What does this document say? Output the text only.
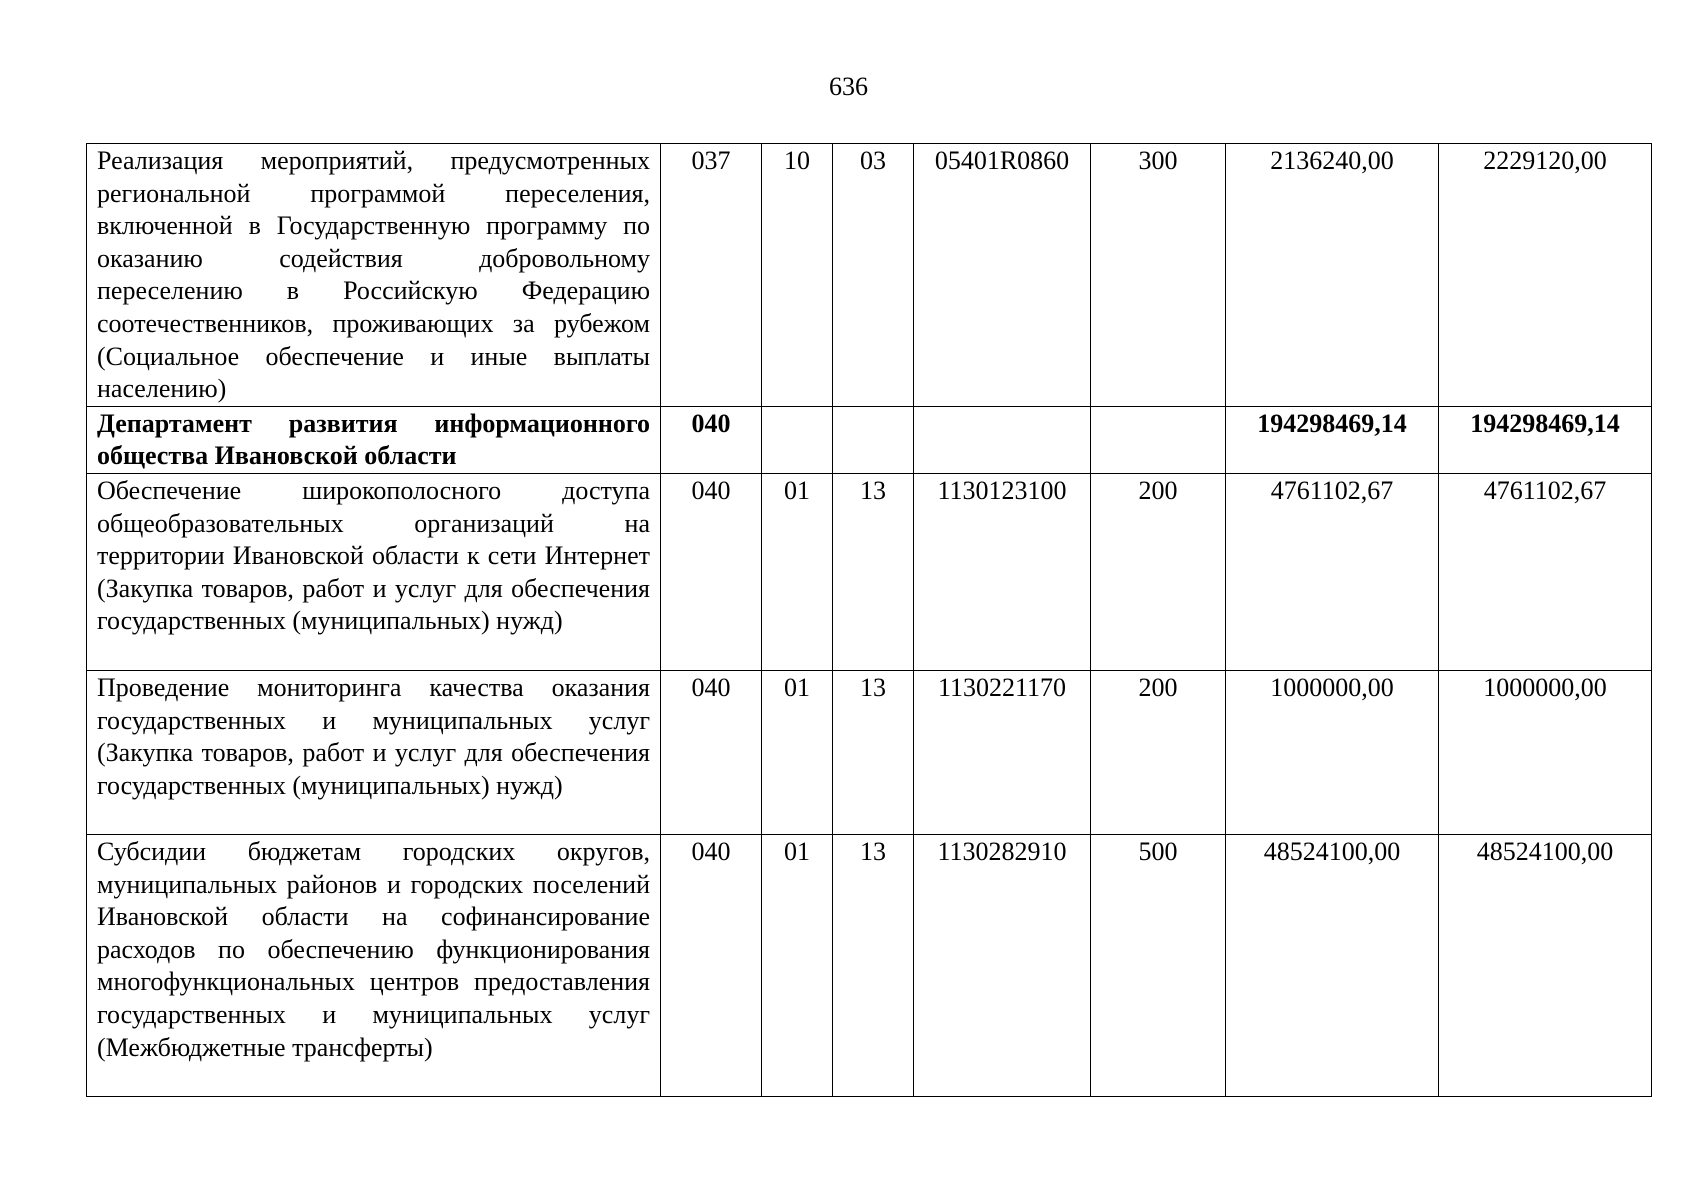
636
Реализация мероприятий, предусмотренных региональной программой переселения, включенной в Государственную программу по оказанию содействия добровольному переселению в Российскую Федерацию соотечественников, проживающих за рубежом (Социальное обеспечение и иные выплаты населению)	037	10	03	05401R0860	300	2136240,00	2229120,00
Департамент развития информационного общества Ивановской области	040					194298469,14	194298469,14
Обеспечение широкополосного доступа общеобразовательных организаций на территории Ивановской области к сети Интернет (Закупка товаров, работ и услуг для обеспечения государственных (муниципальных) нужд)	040	01	13	1130123100	200	4761102,67	4761102,67
Проведение мониторинга качества оказания государственных и муниципальных услуг (Закупка товаров, работ и услуг для обеспечения государственных (муниципальных) нужд)	040	01	13	1130221170	200	1000000,00	1000000,00
Субсидии бюджетам городских округов, муниципальных районов и городских поселений Ивановской области на софинансирование расходов по обеспечению функционирования многофункциональных центров предоставления государственных и муниципальных услуг (Межбюджетные трансферты)	040	01	13	1130282910	500	48524100,00	48524100,00
